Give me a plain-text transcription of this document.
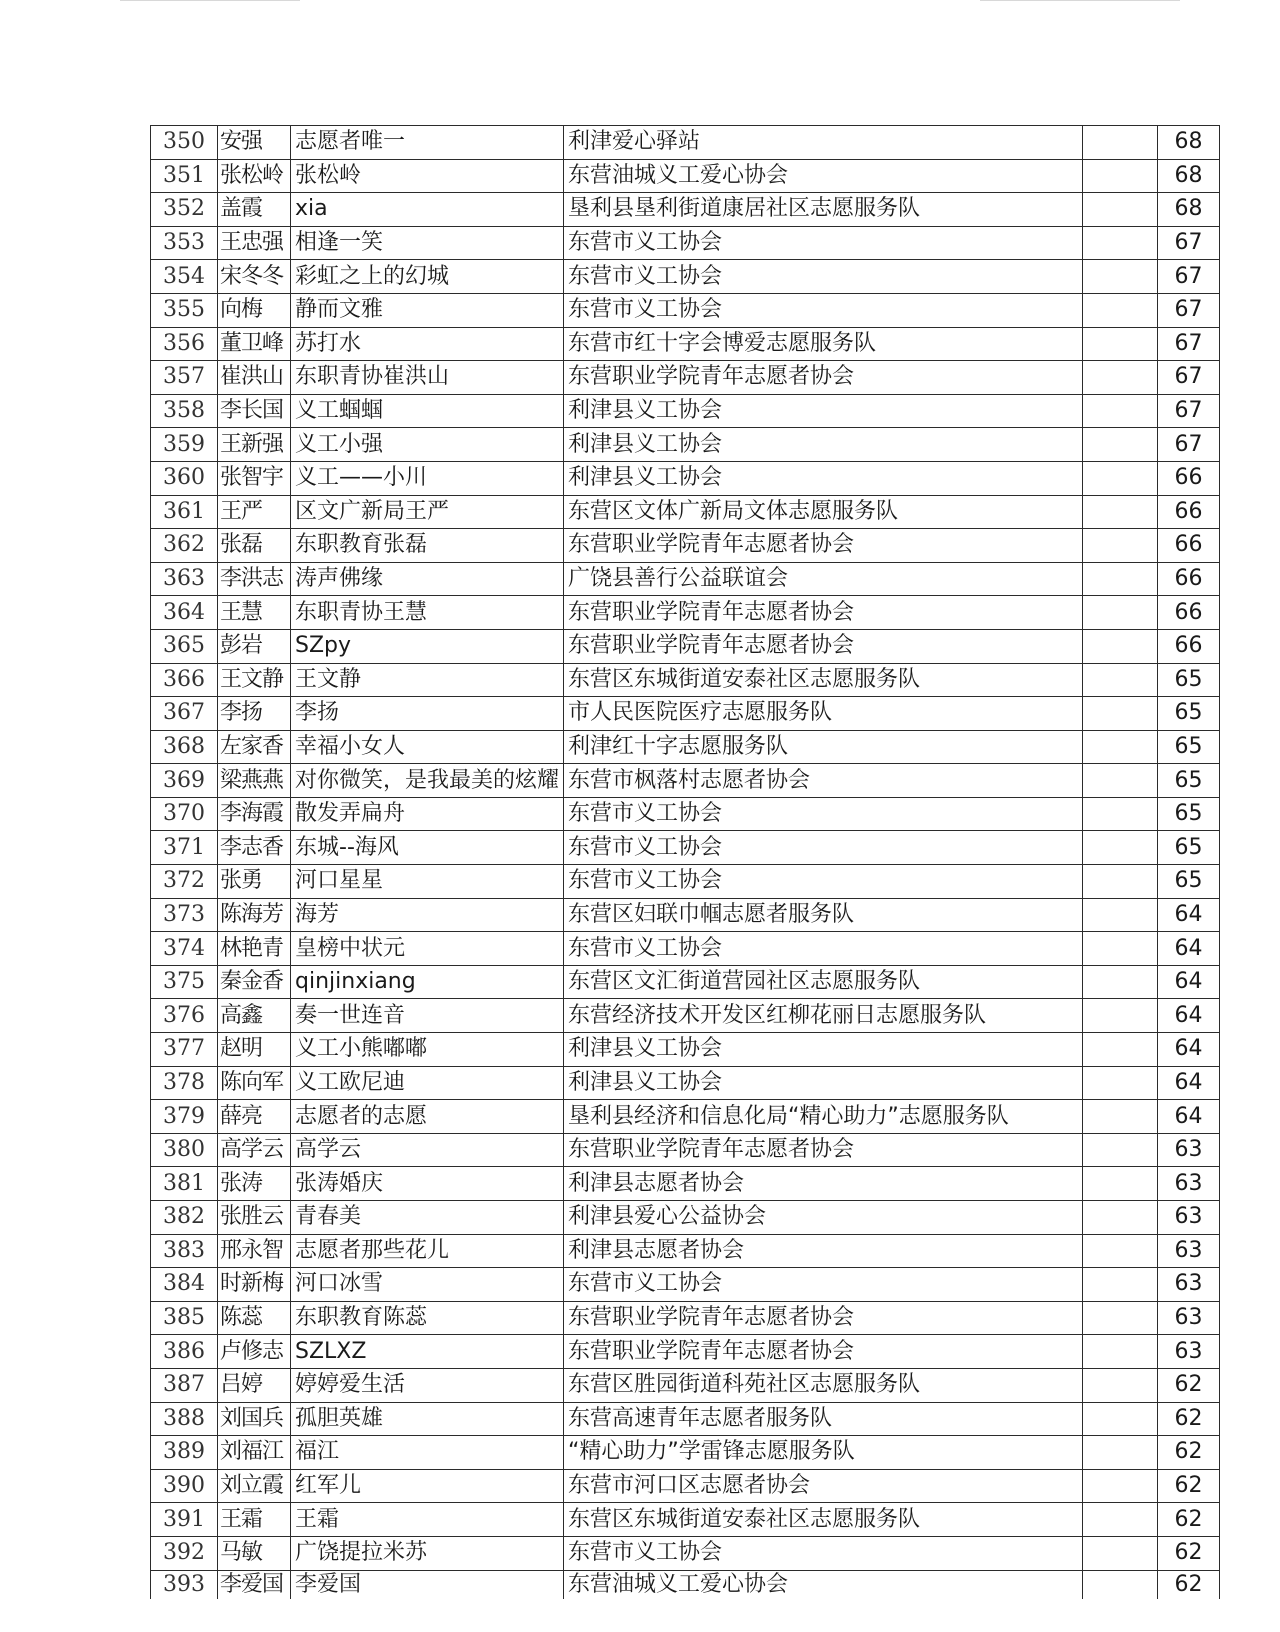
350	安强	志愿者唯一	利津爱心驿站		68
351	张松岭	张松岭	东营油城义工爱心协会		68
352	盖霞	xia	垦利县垦利街道康居社区志愿服务队		68
353	王忠强	相逢一笑	东营市义工协会		67
354	宋冬冬	彩虹之上的幻城	东营市义工协会		67
355	向梅	静而文雅	东营市义工协会		67
356	董卫峰	苏打水	东营市红十字会博爱志愿服务队		67
357	崔洪山	东职青协崔洪山	东营职业学院青年志愿者协会		67
358	李长国	义工蝈蝈	利津县义工协会		67
359	王新强	义工小强	利津县义工协会		67
360	张智宇	义工——小川	利津县义工协会		66
361	王严	区文广新局王严	东营区文体广新局文体志愿服务队		66
362	张磊	东职教育张磊	东营职业学院青年志愿者协会		66
363	李洪志	涛声佛缘	广饶县善行公益联谊会		66
364	王慧	东职青协王慧	东营职业学院青年志愿者协会		66
365	彭岩	SZpy	东营职业学院青年志愿者协会		66
366	王文静	王文静	东营区东城街道安泰社区志愿服务队		65
367	李扬	李扬	市人民医院医疗志愿服务队		65
368	左家香	幸福小女人	利津红十字志愿服务队		65
369	梁燕燕	对你微笑，是我最美的炫耀	东营市枫落村志愿者协会		65
370	李海霞	散发弄扁舟	东营市义工协会		65
371	李志香	东城--海风	东营市义工协会		65
372	张勇	河口星星	东营市义工协会		65
373	陈海芳	海芳	东营区妇联巾帼志愿者服务队		64
374	林艳青	皇榜中状元	东营市义工协会		64
375	秦金香	qinjinxiang	东营区文汇街道营园社区志愿服务队		64
376	高鑫	奏一世连音	东营经济技术开发区红柳花丽日志愿服务队		64
377	赵明	义工小熊嘟嘟	利津县义工协会		64
378	陈向军	义工欧尼迪	利津县义工协会		64
379	薛亮	志愿者的志愿	垦利县经济和信息化局“精心助力”志愿服务队		64
380	高学云	高学云	东营职业学院青年志愿者协会		63
381	张涛	张涛婚庆	利津县志愿者协会		63
382	张胜云	青春美	利津县爱心公益协会		63
383	邢永智	志愿者那些花儿	利津县志愿者协会		63
384	时新梅	河口冰雪	东营市义工协会		63
385	陈蕊	东职教育陈蕊	东营职业学院青年志愿者协会		63
386	卢修志	SZLXZ	东营职业学院青年志愿者协会		63
387	吕婷	婷婷爱生活	东营区胜园街道科苑社区志愿服务队		62
388	刘国兵	孤胆英雄	东营高速青年志愿者服务队		62
389	刘福江	福江	“精心助力”学雷锋志愿服务队		62
390	刘立霞	红军儿	东营市河口区志愿者协会		62
391	王霜	王霜	东营区东城街道安泰社区志愿服务队		62
392	马敏	广饶提拉米苏	东营市义工协会		62
393	李爱国	李爱国	东营油城义工爱心协会		62
